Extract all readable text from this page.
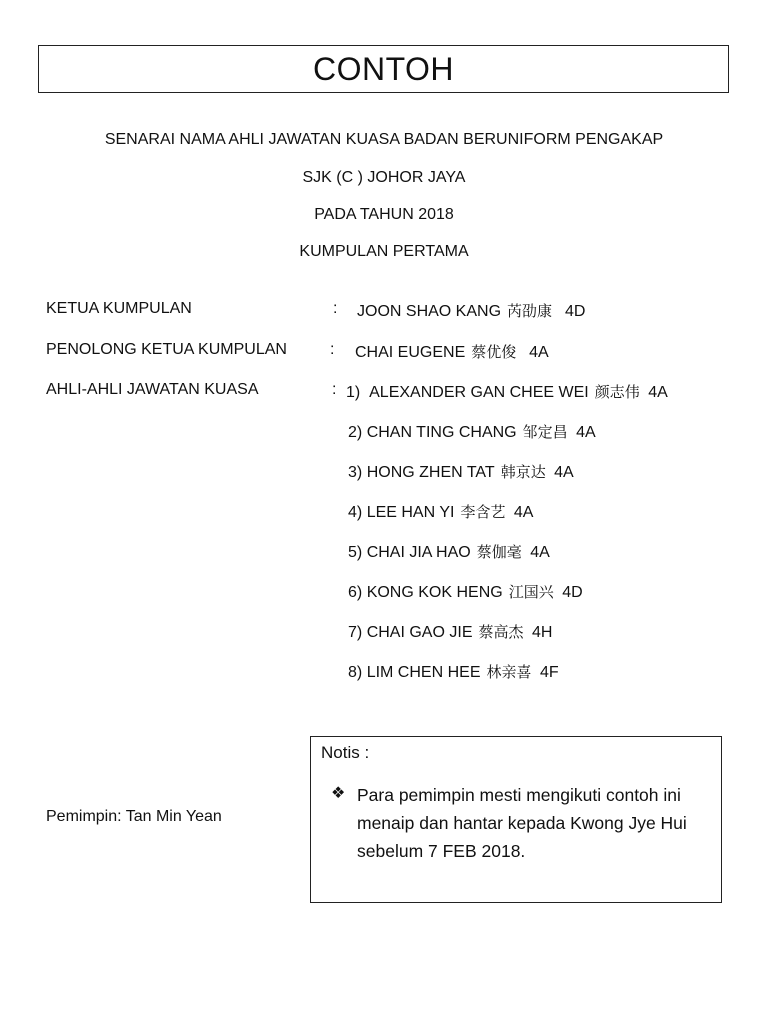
CONTOH
SENARAI NAMA AHLI JAWATAN KUASA BADAN BERUNIFORM PENGAKAP
SJK (C ) JOHOR JAYA
PADA TAHUN 2018
KUMPULAN PERTAMA
KETUA KUMPULAN	: JOON SHAO KANG 芮劭康 4D
PENOLONG KETUA KUMPULAN	: CHAI EUGENE 蔡优俊 4A
AHLI-AHLI JAWATAN KUASA	: 1) ALEXANDER GAN CHEE WEI 颜志伟 4A
2) CHAN TING CHANG 邹定昌 4A
3) HONG ZHEN TAT 韩京达 4A
4) LEE HAN YI 李含艺 4A
5) CHAI JIA HAO 蔡伽毫 4A
6) KONG KOK HENG 江国兴 4D
7) CHAI GAO JIE 蔡高杰 4H
8) LIM CHEN HEE 林亲喜 4F
Pemimpin: Tan Min Yean
Notis :
❖ Para pemimpin mesti mengikuti contoh ini menaip dan hantar kepada Kwong Jye Hui sebelum 7 FEB 2018.
